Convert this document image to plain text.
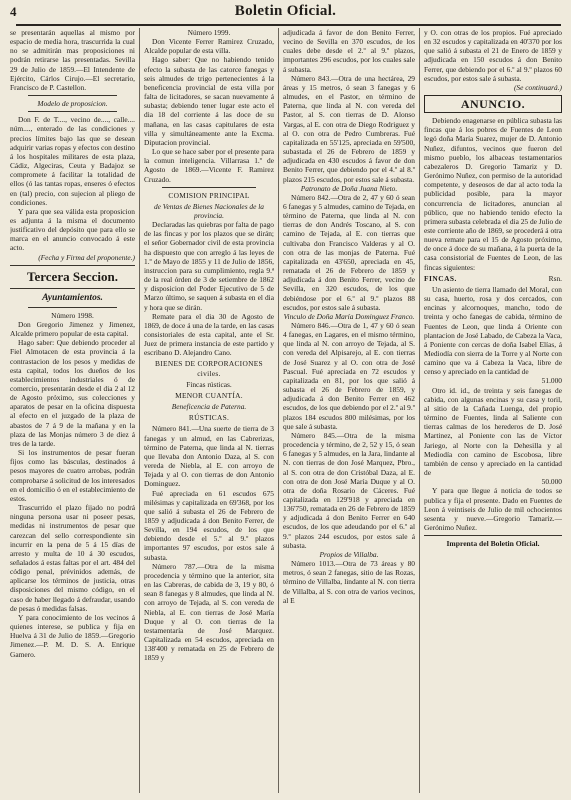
4	Boletin Oficial.

se presentarán aquellas al mismo por espacio de media hora, trascurrida la cual no se admitirán mas proposiciones ni podrán retirarse las presentadas. Sevilla 29 de Julio de 1859.—El Intendente de Ejército, Cárlos Cirujo.—El secretario, Francisco de P. Castellon.

Modelo de proposicion.

Don F. de T...., vecino de...., calle.... núm...., enterado de las condiciones y precios límites bajo las que se desean adquirir varias ropas y efectos con destino á los hospitales militares de esta plaza, Cádiz, Algeciras, Ceuta y Badajoz se compromete á facilitar la totalidad de ellos (ó las tantas ropas, enseres ó efectos en (tal) precio, con sujecion al pliego de condiciones.

Y para que sea válida esta proposicion es adjunta á la misma el documento justificativo del depósito que para ello se marca en el anuncio convocado á este acto.

(Fecha y Firma del proponente.)

Tercera Seccion.
Ayuntamientos.

Número 1998.

Don Gregorio Jimenez y Jimenez, Alcalde primero popular de esta capital.

Hago saber: Que debiendo proceder al Fiel Almotacen de esta provincia á la contrastacion de los pesos y medidas de esta capital, todos los dueños de los establecimientos industriales ó de comercio, presentarán desde el dia 2 al 12 de Agosto próximo, sus colecciones y aparatos de pesar en la oficina dispuesta al efecto en el juzgado de la plaza de abastos de 7 á 9 de la mañana y en la plaza de las Monjas número 3 de diez á tres de la tarde.

Si los instrumentos de pesar fueran fijos como las básculas, destinados á pesos mayores de cuatro arrobas, podrán comprobarse á solicitud de los interesados en el domicilio ó en el establecimiento de estos.

Trascurrido el plazo fijado no podrá ninguna persona usar ni poseer pesas, medidas ni instrumentos de pesar que carezcan del sello correspondiente sin incurrir en la pena de 5 á 15 días de arresto y multa de 10 á 30 escudos, señalados á estas faltas por el art. 484 del código penal, prévinidos además, de aplicarse los términos de justicia, otras disposiciones del mismo código, en el caso de haber llegado á defraudar, usando de pesas ó medidas falsas.

Y para conocimiento de los vecinos á quienes interese, se publica y fija en Huelva á 31 de Julio de 1859.—Gregorio Jimenez.—P. M. D. S. A. Enrique Gamero.

Número 1999.

Don Vicente Ferrer Ramirez Cruzado, Alcalde popular de esta villa.

Hago saber: Que no habiendo tenido efecto la subasta de las catorce fanegas y seis almudes de trigo pertenecientes á la beneficencia provincial de esta villa por falta de licitadores, se sacan nuevamente á subasta; debiendo tener lugar este acto el dia 18 del corriente á las doce de su mañana, en las casas capitulares de esta villa y simultáneamente ante la Excma. Diputacion provincial.

Lo que se hace saber por el presente para la comun inteligencia. Villarrasa 1.º de Agosto de 1869.—Vicente F. Ramirez Cruzado.

COMISION PRINCIPAL

de Ventas de Bienes Nacionales de la provincia.

Declaradas las quiebras por falta de pago de las fincas y por los plazos que se dirán; el señor Gobernador civil de esta provincia ha dispuesto que con arreglo á las leyes de 1.º de Mayo de 1855 y 11 de Julio de 1856, instruccion para su cumplimiento, regla 9.ª de la real órden de 3 de setiembre de 1862 y disposicion del Poder Ejecutivo de 5 de Marzo último, se saquen á subasta en el dia y hora que se dirán.

Remate para el dia 30 de Agosto de 1869, de doce á una de la tarde, en las casas consistoriales de esta capital, ante el Sr. Juez de primera instancia de este partido y escribano D. Alejandro Cano.

BIENES DE CORPORACIONES civiles.

Fincas rústicas.

MENOR CUANTÍA.

Beneficencia de Paterna.

RÚSTICAS.

Número 841.—Una suerte de tierra de 3 fanegas y un almud, en las Cabrerizas, término de Paterna, que linda al N. tierras que llevaba don Antonio Daza, al S. con vereda de Niebla, al E. con arroyo de Tejada y al O. con tierras de don Antonio Dominguez.

Fué apreciada en 61 escudos 675 milésimas y capitalizada en 69'368, por los que salió á subasta el 26 de Febrero de 1859 y adjudicada á don Benito Ferrer, de Sevilla, en 194 escudos, de los que debiendo desde el 5.º al 9.º plazos importantes 97 escudos, por estos sale á subasta.

Número 787.—Otra de la misma procedencia y término que la anterior, sita en las Cabreras, de cabida de 3, 19 y 80, ó sean 8 fanegas y 8 almudes, que linda al N. con arroyo de Tejada, al S. con vereda de Niebla, al E. con tierras de José María Duque y al O. con tierras de la testamentaría de José Marquez. Capitalizada en 54 escudos, apreciada en 138'400 y rematada en 25 de Febrero de 1859 y

adjudicada á favor de don Benito Ferrer, vecino de Sevilla en 370 escudos, de los cuales debe desde el 2.º al 9.º plazos, importantes 296 escudos, por los cuales sale á subasta.

Número 843.—Otra de una hectárea, 29 áreas y 15 metros, ó sean 3 fanegas y 6 almudes, en el Pastor, en término de Paterna, que linda al N. con vereda del Pastor, al S. con tierras de D. Alonso Vargas, al E. con otra de Diego Rodriguez y al O. con otra de Pedro Cumbreras. Fué capitalizada en 55'125, apreciada en 59'500, subastada el 26 de Febrero de 1859 y adjudicada en 430 escudos á favor de don Benito Ferrer, que debiendo por el 4.º al 8.º plazos 215 escudos, por estos sale á subasta.

Patronato de Doña Juana Nieto.

Número 842.—Otra de 2, 47 y 60 ó sean 6 fanegas y 5 almudes, camino de Tejada, en término de Paterna, que linda al N. con tierras de don Andrés Toscano, al S. con camino de Tejada, al E. con tierras que cultivaba don Francisco Valderas y al O. con otra de las monjas de Paterna. Fué capitalizada en 43'650, apreciada en 45, rematada el 26 de Febrero de 1859 y adjudicada á don Benito Ferrer, vecino de Sevilla, en 320 escudos, de los que debiéndose por el 6.º al 9.º plazos 88 escudos, por estos sale á subasta.

Vinculo de Doña María Dominguez Franco.

Número 846.—Otra de 1, 47 y 60 ó sean 4 fanegas, en Lagares, en el mismo término, que linda al N. con arroyo de Tejada, al S. con vereda del Alpisarejo, al E. con tierras de José Suarez y al O. con otra de José Pascual. Fué apreciada en 72 escudos y capitalizada en 81, por los que salió á subasta el 26 de Febrero de 1859, y adjudicada á don Benito Ferrer en 462 escudos, de los que debiendo por el 2.º al 9.º plazos 184 escudos 800 milésimas, por los que sale á subasta.

Número 845.—Otra de la misma procedencia y término, de 2, 52 y 15, ó sean 6 fanegas y 5 almudes, en la Jara, lindante al N. con tierras de don José Marquez, Pbro., al S. con otra de don Cristóbal Daza, al E. con otra de don José María Duque y al O. otra de doña Rosario de Cáceres. Fué capitalizada en 129'918 y apreciada en 136'750, rematada en 26 de Febrero de 1859 y adjudicada á don Benito Ferrer en 640 escudos, de los que adeudando por el 6.º al 9.º plazos 244 escudos, por estos sale á subasta.

Propios de Villalba.

Número 1013.—Otra de 73 áreas y 80 metros, ó sean 2 fanegas, sitio de las Rozas, término de Villalba, lindante al N. con tierra de Villalba, al S. con otra de varios vecinos, al E

y O. con otras de los propios. Fué apreciado en 32 escudos y capitalizada en 40'370 por los que salió á subasta el 21 de Enero de 1859 y adjudicada en 150 escudos á don Benito Ferrer, que debiendo por el 6.º al 9.º plazos 60 escudos, por estos sale á subasta.

(Se continuará.)

ANUNCIO.

Debiendo enagenarse en pública subasta las fincas que á los pobres de Fuentes de Leon legó doña María Suarez, mujer de D. Antonio Nuñez, difuntos, vecinos que fueron del mismo pueblo, los albaceas testamentarios cabezaleros D. Gregorio Tamariz y D. Gerónimo Nuñez, con permiso de la autoridad competente, y deseosos de dar al acto toda la publicidad posible, para la mayor concurrencia de licitadores, anuncian al público, que no habiendo tenido efecto la primera subasta celebrada el dia 25 de Julio de este corriente año de 1869, se procederá á otra nueva remate para el 15 de Agosto próximo, de once á doce de su mañana, á la puerta de la casa consistorial de Fuentes de Leon, de las fincas siguientes:

FINCAS.	Rsn.

Un asiento de tierra llamado del Moral, con su casa, huerto, rosa y dos cercados, con encinas y alcornoques, mancho, todo de treinta y ocho fanegas de cabida, término de Fuentes de Leon, que linda á Oriente con plantacion de José Labado, de Cabeza la Vaca, á Poniente con cercas de doña Isabel Elías, á Mediodía con sierra de la Torre y al Norte con camino que va á Cabeza la Vaca, libre de censo y apreciado en la cantidad de

51.000

Otro id. id., de treinta y seis fanegas de cabida, con algunas encinas y su casa y toril, al sitio de la Cañada Luenga, del propio término de Fuentes, linda al Saliente con tierras calmas de los herederos de D. José Martinez, al Poniente con las de Víctor Jariego, al Norte con la Dehesilla y al Mediodía con camino de Escobosa, libre también de censo y apreciado en la cantidad de

50.000

Y para que llegue á noticia de todos se publica y fija el presente. Dado en Fuentes de Leon á veintiseis de Julio de mil ochocientos sesenta y nueve.—Gregorio Tamariz.—Gerónimo Nuñez.

Imprenta del Boletin Oficial.
